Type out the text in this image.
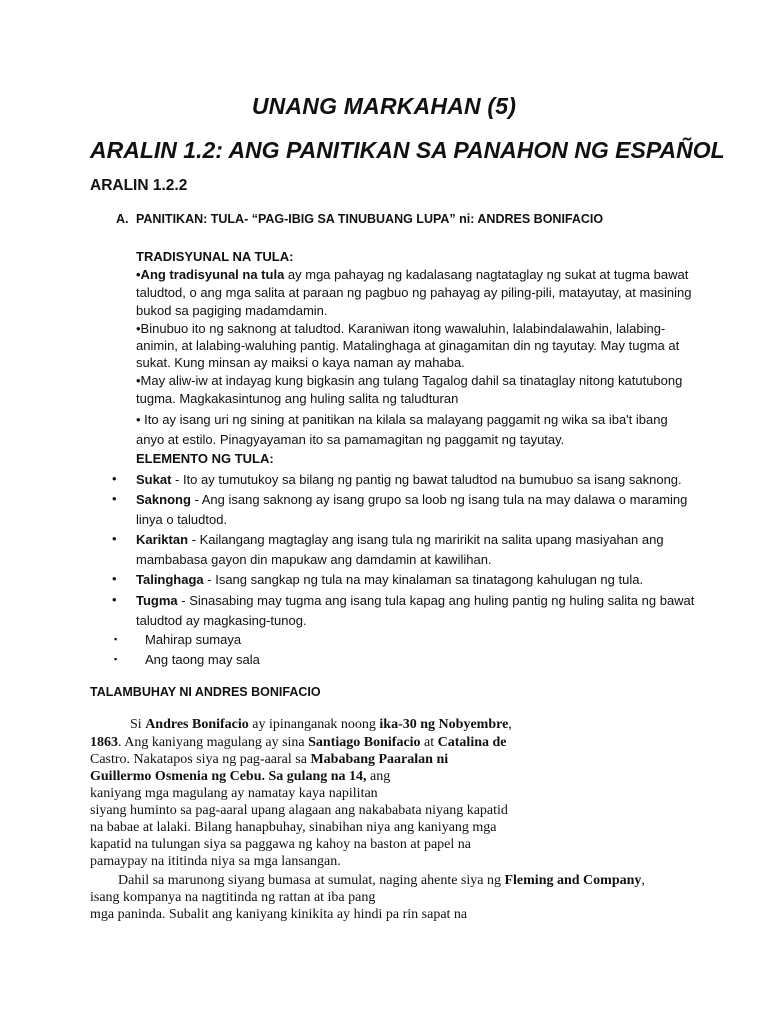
UNANG MARKAHAN (5)
ARALIN 1.2: ANG PANITIKAN SA PANAHON NG ESPAÑOL
ARALIN 1.2.2
A. PANITIKAN: TULA- “PAG-IBIG SA TINUBUANG LUPA” ni: ANDRES BONIFACIO
TRADISYUNAL NA TULA:
•Ang tradisyunal na tula ay mga pahayag ng kadalasang nagtataglay ng sukat at tugma bawat
taludtod, o ang mga salita at paraan ng pagbuo ng pahayag ay piling-pili, matayutay, at masining
bukod sa pagiging madamdamin.
•Binubuo ito ng saknong at taludtod. Karaniwan itong wawaluhin, lalabindalawahin, lalabing-
animin, at lalabing-waluhing pantig. Matalinghaga at ginagamitan din ng tayutay. May tugma at
sukat. Kung minsan ay maiksi o kaya naman ay mahaba.
•May aliw-iw at indayag kung bigkasin ang tulang Tagalog dahil sa tinataglay nitong katutubong
tugma. Magkakasintunog ang huling salita ng taludturan
• Ito ay isang uri ng sining at panitikan na kilala sa malayang paggamit ng wika sa iba't ibang
anyo at estilo. Pinagyayaman ito sa pamamagitan ng paggamit ng tayutay.
ELEMENTO NG TULA:
• Sukat - Ito ay tumutukoy sa bilang ng pantig ng bawat taludtod na bumubuo sa isang saknong.
• Saknong - Ang isang saknong ay isang grupo sa loob ng isang tula na may dalawa o maraming
linya o taludtod.
• Kariktan - Kailangang magtaglay ang isang tula ng maririkit na salita upang masiyahan ang
mambabasa gayon din mapukaw ang damdamin at kawilihan.
• Talinghaga - Isang sangkap ng tula na may kinalaman sa tinatagong kahulugan ng tula.
• Tugma - Sinasabing may tugma ang isang tula kapag ang huling pantig ng huling salita ng bawat
taludtod ay magkasing-tunog.
▪ Mahirap sumaya
▪ Ang taong may sala
TALAMBUHAY NI ANDRES BONIFACIO
Si Andres Bonifacio ay ipinanganak noong ika-30 ng Nobyembre,
1863. Ang kaniyang magulang ay sina Santiago Bonifacio at Catalina de
Castro. Nakatapos siya ng pag-aaral sa Mababang Paaralan ni
Guillermo Osmenia ng Cebu. Sa gulang na 14, ang
kaniyang mga magulang ay namatay kaya napilitan
siyang huminto sa pag-aaral upang alagaan ang nakababata niyang kapatid
na babae at lalaki. Bilang hanapbuhay, sinabihan niya ang kaniyang mga
kapatid na tulungan siya sa paggawa ng kahoy na baston at papel na
pamaypay na ititinda niya sa mga lansangan.
Dahil sa marunong siyang bumasa at sumulat, naging ahente siya ng Fleming and Company,
isang kompanya na nagtitinda ng rattan at iba pang
mga paninda. Subalit ang kaniyang kinikita ay hindi pa rin sapat na
